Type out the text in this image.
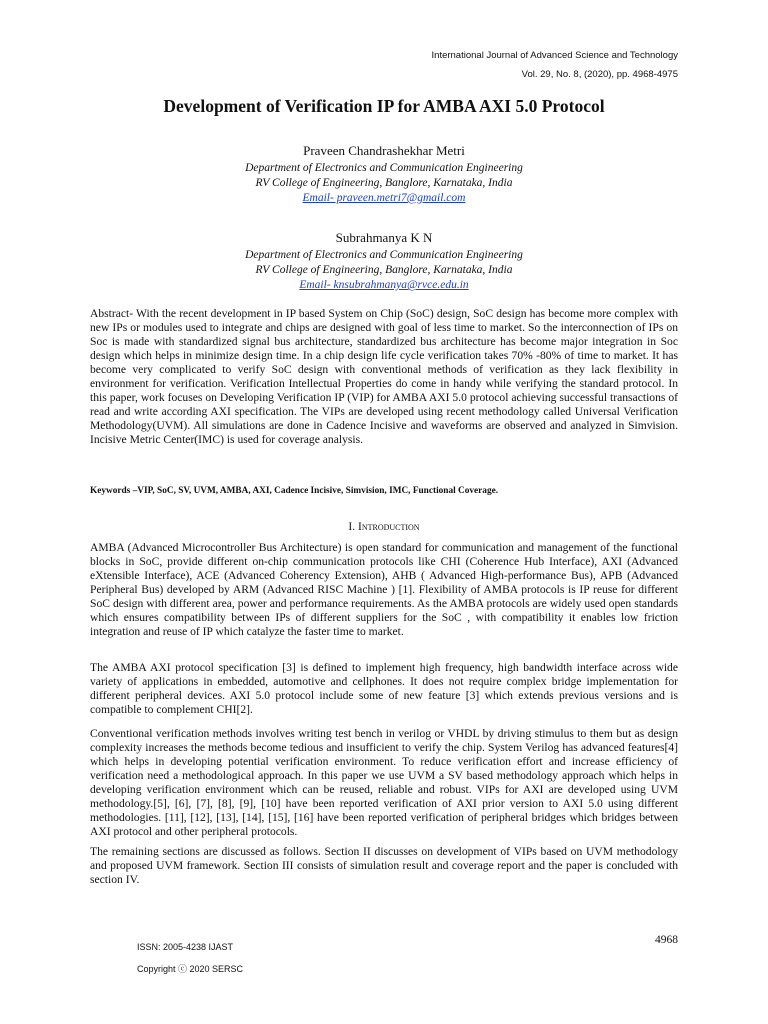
International Journal of Advanced Science and Technology
Vol. 29, No. 8, (2020), pp. 4968-4975
Development of Verification IP for AMBA AXI 5.0 Protocol
Praveen Chandrashekhar Metri
Department of Electronics and Communication Engineering
RV College of Engineering, Banglore, Karnataka, India
Email- praveen.metri7@gmail.com
Subrahmanya K N
Department of Electronics and Communication Engineering
RV College of Engineering, Banglore, Karnataka, India
Email- knsubrahmanya@rvce.edu.in
Abstract- With the recent development in IP based System on Chip (SoC) design, SoC design has become more complex with new IPs or modules used to integrate and chips are designed with goal of less time to market. So the interconnection of IPs on Soc is made with standardized signal bus architecture, standardized bus architecture has become major integration in Soc design which helps in minimize design time. In a chip design life cycle verification takes 70% -80% of time to market. It has become very complicated to verify SoC design with conventional methods of verification as they lack flexibility in environment for verification. Verification Intellectual Properties do come in handy while verifying the standard protocol. In this paper, work focuses on Developing Verification IP (VIP) for AMBA AXI 5.0 protocol achieving successful transactions of read and write according AXI specification. The VIPs are developed using recent methodology called Universal Verification Methodology(UVM). All simulations are done in Cadence Incisive and waveforms are observed and analyzed in Simvision. Incisive Metric Center(IMC) is used for coverage analysis.
Keywords –VIP, SoC, SV, UVM, AMBA, AXI, Cadence Incisive, Simvision, IMC, Functional Coverage.
I. Introduction
AMBA (Advanced Microcontroller Bus Architecture) is open standard for communication and management of the functional blocks in SoC, provide different on-chip communication protocols like CHI (Coherence Hub Interface), AXI (Advanced eXtensible Interface), ACE (Advanced Coherency Extension), AHB ( Advanced High-performance Bus), APB (Advanced Peripheral Bus) developed by ARM (Advanced RISC Machine ) [1]. Flexibility of AMBA protocols is IP reuse for different SoC design with different area, power and performance requirements. As the AMBA protocols are widely used open standards which ensures compatibility between IPs of different suppliers for the SoC , with compatibility it enables low friction integration and reuse of IP which catalyze the faster time to market.
The AMBA AXI protocol specification [3] is defined to implement high frequency, high bandwidth interface across wide variety of applications in embedded, automotive and cellphones. It does not require complex bridge implementation for different peripheral devices. AXI 5.0 protocol include some of new feature [3] which extends previous versions and is compatible to complement CHI[2].
Conventional verification methods involves writing test bench in verilog or VHDL by driving stimulus to them but as design complexity increases the methods become tedious and insufficient to verify the chip. System Verilog has advanced features[4] which helps in developing potential verification environment. To reduce verification effort and increase efficiency of verification need a methodological approach. In this paper we use UVM a SV based methodology approach which helps in developing verification environment which can be reused, reliable and robust. VIPs for AXI are developed using UVM methodology.[5], [6], [7], [8], [9], [10] have been reported verification of AXI prior version to AXI 5.0 using different methodologies. [11], [12], [13], [14], [15], [16] have been reported verification of peripheral bridges which bridges between AXI protocol and other peripheral protocols.
The remaining sections are discussed as follows. Section II discusses on development of VIPs based on UVM methodology and proposed UVM framework. Section III consists of simulation result and coverage report and the paper is concluded with section IV.
4968
ISSN: 2005-4238 IJAST
Copyright ⓒ 2020 SERSC
